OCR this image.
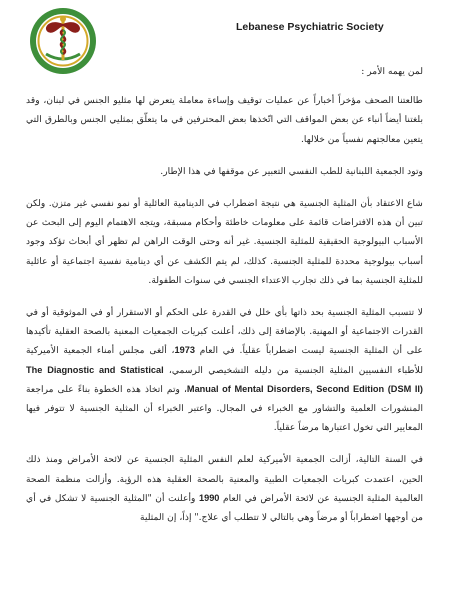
Lebanese Psychiatric Society

لمن يهمه الأمر :

طالعتنا الصحف مؤخراً أخباراً عن عمليات توقيف وإساءة معاملة يتعرض لها مثليو الجنس في لبنان، وقد بلغتنا أيضاً أنباء عن بعض المواقف التي اتّخذها بعض المحترفين في ما يتعلّق بمثليي الجنس وبالطرق التي يتعين معالجتهم نفسياً من خلالها.

وتود الجمعية اللبنانية للطب النفسي التعبير عن موقفها في هذا الإطار.

شاع الاعتقاد بأن المثلية الجنسية هي نتيجة اضطراب في الدينامية العائلية أو نمو نفسي غير متزن. ولكن تبين أن هذه الافتراضات قائمة على معلومات خاطئة وأحكام مسبقة، ويتجه الاهتمام اليوم إلى البحث عن الأسباب البيولوجية الحقيقية للمثلية الجنسية. غير أنه وحتى الوقت الراهن لم تظهر أي أبحاث تؤكد وجود أسباب بيولوجية محددة للمثلية الجنسية. كذلك، لم يتم الكشف عن أي دينامية نفسية اجتماعية أو عائلية للمثلية الجنسية بما في ذلك تجارب الاعتداء الجنسي في سنوات الطفولة.

لا تتسبب المثلية الجنسية بحد ذاتها بأي خلل في القدرة على الحكم أو الاستقرار أو في الموثوقية أو في القدرات الاجتماعية أو المهنية. بالإضافة إلى ذلك، أعلنت كبريات الجمعيات المعنية بالصحة العقلية تأكيدها على أن المثلية الجنسية ليست اضطراباً عقلياً. في العام 1973، ألغى مجلس أمناء الجمعية الأميركية للأطباء النفسيين المثلية الجنسية من دليله التشخيصي الرسمي، The Diagnostic and Statistical Manual of Mental Disorders, Second Edition (DSM II)، وتم اتخاذ هذه الخطوة بناءً على مراجعة المنشورات العلمية والتشاور مع الخبراء في المجال. واعتبر الخبراء أن المثلية الجنسية لا تتوفر فيها المعايير التي تخول اعتبارها مرضاً عقلياً.

في السنة التالية، أزالت الجمعية الأميركية لعلم النفس المثلية الجنسية عن لائحة الأمراض ومنذ ذلك الحين، اعتمدت كبريات الجمعيات الطبية والمعنية بالصحة العقلية هذه الرؤية. وأزالت منظمة الصحة العالمية المثلية الجنسية عن لائحة الأمراض في العام 1990 وأعلنت أن "المثلية الجنسية لا تشكل في أي من أوجهها اضطراباً أو مرضاً وهي بالتالي لا تتطلب أي علاج." إذاً، إن المثلية
